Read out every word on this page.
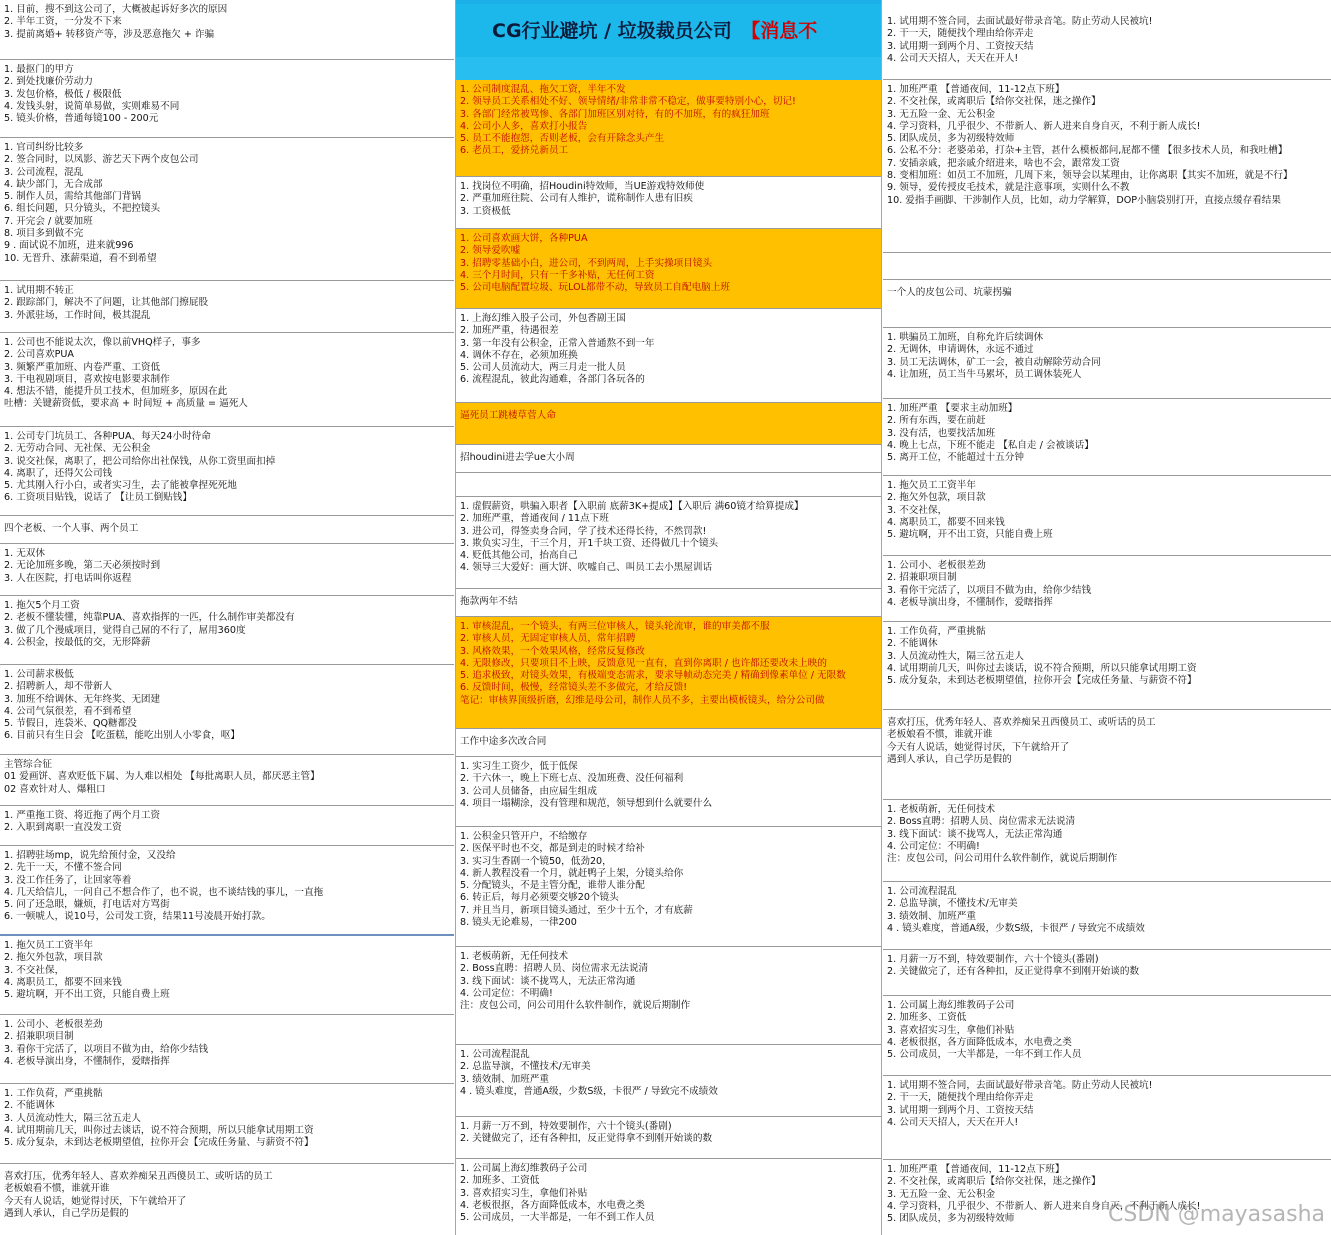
1. 目前，搜不到这公司了，大概被起诉好多次的原因
2. 半年工资，一分发不下来
3. 提前离婚+ 转移资产等，涉及恶意拖欠 + 诈骗
1. 最抠门的甲方
2. 到处找廉价劳动力
3. 发包价格，极低 / 极限低
4. 发钱头射，说简单易做，实则难易不同
5. 镜头价格，普通每镜100 - 200元
1. 官司纠纷比较多
2. 签合同时，以凤影、游艺天下两个皮包公司
3. 公司流程，混乱
4. 缺少部门，无合成部
5. 制作人员，需给其他部门背锅
6. 组长问题，只分镜头，不把控镜头
7. 开完会 / 就要加班
8. 项目多到做不完
9 . 面试说不加班，进来就996
10. 无晋升、涨薪渠道，看不到希望
1. 试用期不转正
2. 跟踪部门，解决不了问题，让其他部门擦屁股
3. 外派驻场，工作时间，极其混乱
1. 公司也不能说太次，像以前VHQ样子，事多
2. 公司喜欢PUA
3. 频繁严重加班、内卷严重、工资低
3. 干电视剧项目，喜欢按电影要求制作
4. 想法不错，能提升员工技术，但加班多，原因在此
吐槽：关键薪资低，要求高 + 时间短 + 高质量 = 逼死人
1. 公司专门坑员工、各种PUA、每天24小时待命
2. 无劳动合同、无社保、无公积金
3. 说交社保，离职了，把公司给你出社保钱，从你工资里面扣掉
4. 离职了，还得欠公司钱
5. 尤其刚入行小白，或者实习生，去了能被拿捏死死地
6. 工资项目贴钱，说话了 【让员工倒贴钱】
四个老板、一个人事、两个员工
1. 无双休
2. 无论加班多晚，第二天必须按时到
3. 人在医院，打电话叫你返程
1. 拖欠5个月工资
2. 老板不懂装懂，纯靠PUA、喜欢指挥的一匹，什么制作审美都没有
3. 做了几个漫威项目，觉得自己屌的不行了，屌用360度
4. 公积金，按最低的交，无形降薪
1. 公司薪求极低
2. 招聘新人，却不带新人
3. 加班不给调休、无年终奖、无团建
4. 公司气氛很差，看不到希望
5. 节假日，连袋米、QQ糖都没
6. 目前只有生日会 【吃蛋糕，能吃出别人小零食，呕】
主管综合征
01 爱画饼、喜欢贬低下属、为人难以相处 【每批离职人员，都厌恶主管】
02 喜欢针对人、爆粗口
1. 严重拖工资、将近拖了两个月工资
2. 入职到离职一直没发工资
1. 招聘驻场mp，说先给预付金，又没给
2. 先干一天，不懂不签合同
3. 没工作任务了，让回家等着
4. 几天给信儿，一问自己不想合作了，也不说，也不谈结钱的事儿，一直拖
5. 问了还急眼，嫌烦，打电话对方骂街
6. 一顿唬人，说10号，公司发工资，结果11号凌晨开始打款。
1. 拖欠员工工资半年
2. 拖欠外包款，项目款
3. 不交社保，
4. 离职员工，都要不回来钱
5. 避坑啊，开不出工资，只能自费上班
1. 公司小、老板很差劲
2. 招兼职项目制
3. 看你干完活了，以项目不做为由，给你少结钱
4. 老板导演出身，不懂制作，爱瞎指挥
1. 工作负荷，严重挑骷
2. 不能调休
3. 人员流动性大，隔三岔五走人
4. 试用期前几天，叫你过去谈话，说不符合预期，所以只能拿试用期工资
5. 成分复杂，未到达老板期望值，拉你开会【完成任务量、与薪资不符】
喜欢打压，优秀年轻人、喜欢养痴呆丑西傻员工、或听话的员工
老板娘看不惯，谁就开谁
今天有人说话，她觉得讨厌，下午就给开了
遇到人承认，自己学历是假的
CG行业避坑 / 垃圾裁员公司　 【消息不
1. 公司制度混乱、拖欠工资，半年不发
2. 领导员工关系相处不好、领导情绪/非常非常不稳定，做事要特别小心，切记!
3. 各部门经常被骂惨、各部门加班区别对待，有的不加班，有的疯狂加班
4. 公司小人多，喜欢打小报告
5. 员工不能抱怨，否则老板，会有开除念头产生
6. 老员工，爱挤兑新员工
1. 找岗位不明确，招Houdini特效师，当UE游戏特效师使
2. 严重加班往院、公司有人维护，谎称制作人患有旧疾
3. 工资极低
1. 公司喜欢画大饼，各种PUA
2. 领导爱吹嘘
3. 招聘零基础小白，进公司，不到两周，上手实操项目镜头
4. 三个月时间，只有一千多补贴，无任何工资
5. 公司电脑配置垃圾、玩LOL都带不动，导致员工自配电脑上班
1. 上海幻维入股子公司，外包香剧王国
2. 加班严重，待遇很差
3. 第一年没有公积金，正常入普通熬不到一年
4. 调休不存在，必须加班换
5. 公司人员流动大，两三月走一批人员
6. 流程混乱，彼此沟通难，各部门各玩各的
逼死员工跳楼草菅人命
招houdini进去学ue大小周
1. 虚假薪资，哄骗入职者【入职前 底薪3K+提成】【入职后 满60镜才给算提成】
2. 加班严重，普通夜间 / 11点下班
3. 进公司，得签卖身合同，学了技术还得长待，不然罚款!
3. 欺负实习生，干三个月，开1千块工资、还得做几十个镜头
4. 贬低其他公司，抬高自己
4. 领导三大爱好：画大饼、吹嘘自己、叫员工去小黑屋训话
拖款两年不结
1. 审核混乱，一个镜头，有两三位审核人，镜头轮流审，谁的审美都不服
2. 审核人员，无固定审核人员，常年招聘
3. 风格效果，一个效果风格，经常反复修改
4. 无限修改，只要项目不上映，反馈意见一直有，直到你离职 / 也许都还要改未上映的
5. 追求极致，对镜头效果，有极端变态需求，要求导帧动态完美 / 精确到像素单位 / 无限数
6. 反馈时间，极慢，经常镜头差不多做完，才给反馈!
笔记：审核界顶级折磨，幻维是母公司，制作人员不多，主要出模板镜头，给分公司做
工作中途多次改合同
1. 实习生工资少，低于低保
2. 干六休一，晚上下班七点、没加班费、没任何福利
3. 公司人员储备，由应届生组成
4. 项目一塌糊涂，没有管理和规范，领导想到什么就要什么
1. 公积金只管开户，不给缴存
2. 医保平时也不交，都是到走的时候才给补
3. 实习生香剧一个镜50，低劲20，
4. 新人教程没看一个月，就赶鸭子上架，分镜头给你
5. 分配镜头，不是主管分配，谁带人谁分配
6. 转正后，每月必须要交够20个镜头
7. 并且当月，新项目镜头通过，至少十五个，才有底薪
8. 镜头无论难易，一律200
1. 老板萌新，无任何技术
2. Boss直聘：招聘人员、岗位需求无法说清
3. 线下面试：谈不拢骂人，无法正常沟通
4. 公司定位：不明确!
注：皮包公司，问公司用什么软件制作，就说后期制作
1. 公司流程混乱
2. 总监导演，不懂技术/无审美
3. 绩效制、加班严重
4 . 镜头难度，普通A级，少数S级，卡很严 / 导致完不成绩效
1. 月薪一万不到，特效要制作，六十个镜头(番剧)
2. 关键做完了，还有各种扣，反正觉得拿不到刚开始谈的数
1. 公司属上海幻维教码子公司
2. 加班多、工资低
3. 喜欢招实习生，拿他们补贴
4. 老板很抠，各方面降低成本，水电费之类
5. 公司成员，一大半都是，一年不到工作人员
1. 试用期不签合同，去面试最好带录音笔。防止劳动人民被坑!
2. 干一天，随便找个理由给你弄走
3. 试用期一到两个月、工资按天结
4. 公司天天招人，天天在开人!
1. 加班严重 【普通夜间，11-12点下班】
2. 不交社保，或离职后【给你交社保，迷之操作】
3. 无五险一金、无公积金
4. 学习资料，几乎很少、不带新人、新人进来自身自灭，不利于新人成长!
5. 团队成员，多为初级特效师
6. 公私不分：老婆弟弟，打杂+主管，甚什么模板都问,屁都不懂 【很多技术人员，和我吐槽】
7. 安插亲戚，把亲戚介绍进来，啥也不会，跟常发工资
8. 变相加班：如员工不加班，几周下来，领导会以某理由，让你离职【其实不加班，就是不行】
9. 领导，爱传授皮毛技术，就是注意事项，实则什么不教
10. 爱指手画脚、干涉制作人员，比如，动力学解算，DOP小脑袋别打开，直接点缓存看结果
一个人的皮包公司、坑蒙拐骗
1. 哄骗员工加班，自称允许后续调休
2. 无调休，申请调休，永远不通过
3. 员工无法调休，矿工一会，被自动解除劳动合同
4. 让加班，员工当牛马累坏，员工调休装死人
1. 加班严重 【要求主动加班】
2. 所有东西，要在前赶
3. 没有活，也要找活加班
4. 晚上七点，下班不能走 【私自走 / 会被谈话】
5. 离开工位，不能超过十五分钟
1. 拖欠员工工资半年
2. 拖欠外包款，项目款
3. 不交社保，
4. 离职员工，都要不回来钱
5. 避坑啊，开不出工资，只能自费上班
1. 公司小、老板很差劲
2. 招兼职项目制
3. 看你干完活了，以项目不做为由，给你少结钱
4. 老板导演出身，不懂制作，爱瞎指挥
1. 工作负荷，严重挑骷
2. 不能调休
3. 人员流动性大，隔三岔五走人
4. 试用期前几天，叫你过去谈话，说不符合预期，所以只能拿试用期工资
5. 成分复杂，未到达老板期望值，拉你开会【完成任务量、与薪资不符】
喜欢打压，优秀年轻人、喜欢养痴呆丑西傻员工、或听话的员工
老板娘看不惯，谁就开谁
今天有人说话，她觉得讨厌，下午就给开了
遇到人承认，自己学历是假的
1. 老板萌新，无任何技术
2. Boss直聘：招聘人员、岗位需求无法说清
3. 线下面试：谈不拢骂人，无法正常沟通
4. 公司定位：不明确!
注：皮包公司，问公司用什么软件制作，就说后期制作
1. 公司流程混乱
2. 总监导演，不懂技术/无审美
3. 绩效制、加班严重
4 . 镜头难度，普通A级，少数S级，卡很严 / 导致完不成绩效
1. 月薪一万不到，特效要制作，六十个镜头(番剧)
2. 关键做完了，还有各种扣，反正觉得拿不到刚开始谈的数
1. 公司属上海幻维教码子公司
2. 加班多、工资低
3. 喜欢招实习生，拿他们补贴
4. 老板很抠，各方面降低成本，水电费之类
5. 公司成员，一大半都是，一年不到工作人员
1. 试用期不签合同，去面试最好带录音笔。防止劳动人民被坑!
2. 干一天，随便找个理由给你弄走
3. 试用期一到两个月、工资按天结
4. 公司天天招人，天天在开人!
1. 加班严重 【普通夜间，11-12点下班】
2. 不交社保，或离职后【给你交社保，迷之操作】
3. 无五险一金、无公积金
4. 学习资料，几乎很少、不带新人、新人进来自身自灭，不利于新人成长!
5. 团队成员，多为初级特效师	CSDN @mayasasha
